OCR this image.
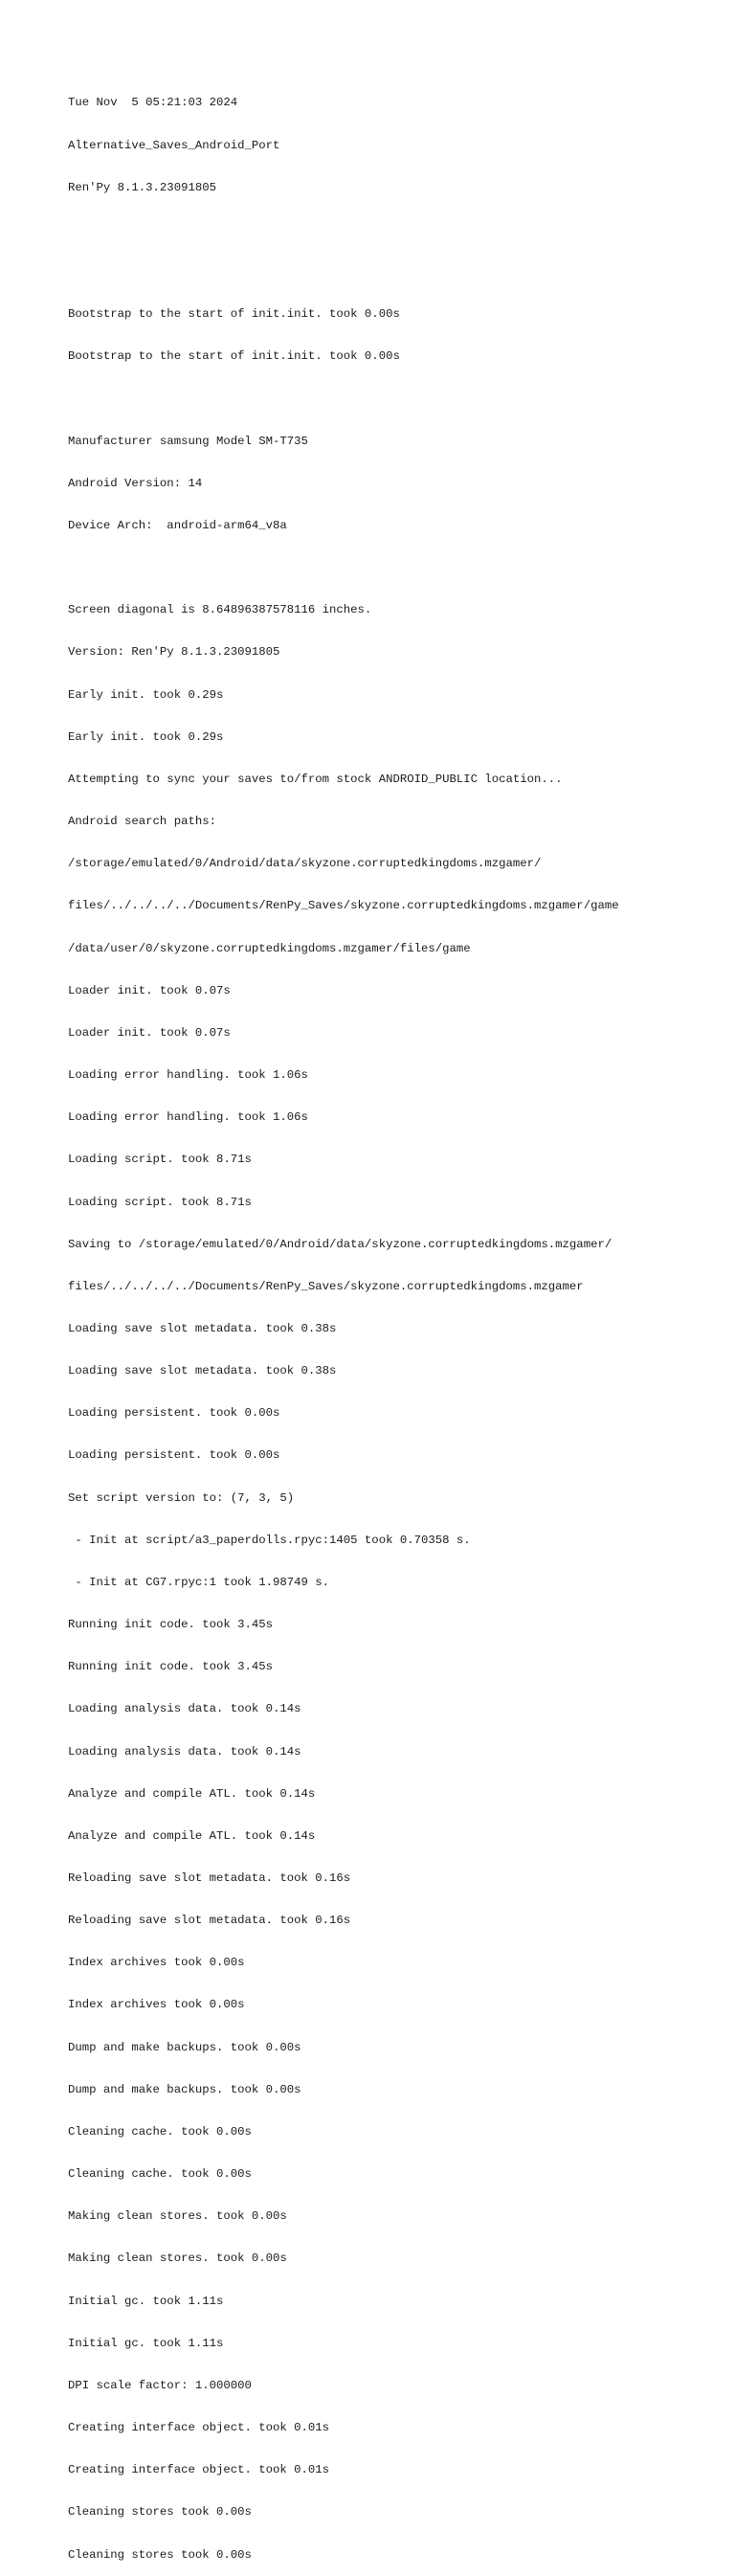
Tue Nov  5 05:21:03 2024

Alternative_Saves_Android_Port

Ren'Py 8.1.3.23091805

Bootstrap to the start of init.init. took 0.00s

Bootstrap to the start of init.init. took 0.00s

Manufacturer samsung Model SM-T735

Android Version: 14

Device Arch:  android-arm64_v8a

Screen diagonal is 8.64896387578116 inches.

Version: Ren'Py 8.1.3.23091805

Early init. took 0.29s

Early init. took 0.29s

Attempting to sync your saves to/from stock ANDROID_PUBLIC location...

Android search paths:

/storage/emulated/0/Android/data/skyzone.corruptedkingdoms.mzgamer/

files/../../../../Documents/RenPy_Saves/skyzone.corruptedkingdoms.mzgamer/game

/data/user/0/skyzone.corruptedkingdoms.mzgamer/files/game

Loader init. took 0.07s

Loader init. took 0.07s

Loading error handling. took 1.06s

Loading error handling. took 1.06s

Loading script. took 8.71s

Loading script. took 8.71s

Saving to /storage/emulated/0/Android/data/skyzone.corruptedkingdoms.mzgamer/

files/../../../../Documents/RenPy_Saves/skyzone.corruptedkingdoms.mzgamer

Loading save slot metadata. took 0.38s

Loading save slot metadata. took 0.38s

Loading persistent. took 0.00s

Loading persistent. took 0.00s

Set script version to: (7, 3, 5)

- Init at script/a3_paperdolls.rpyc:1405 took 0.70358 s.

- Init at CG7.rpyc:1 took 1.98749 s.

Running init code. took 3.45s

Running init code. took 3.45s

Loading analysis data. took 0.14s

Loading analysis data. took 0.14s

Analyze and compile ATL. took 0.14s

Analyze and compile ATL. took 0.14s

Reloading save slot metadata. took 0.16s

Reloading save slot metadata. took 0.16s

Index archives took 0.00s

Index archives took 0.00s

Dump and make backups. took 0.00s

Dump and make backups. took 0.00s

Cleaning cache. took 0.00s

Cleaning cache. took 0.00s

Making clean stores. took 0.00s

Making clean stores. took 0.00s

Initial gc. took 1.11s

Initial gc. took 1.11s

DPI scale factor: 1.000000

Creating interface object. took 0.01s

Creating interface object. took 0.01s

Cleaning stores took 0.00s

Cleaning stores took 0.00s
